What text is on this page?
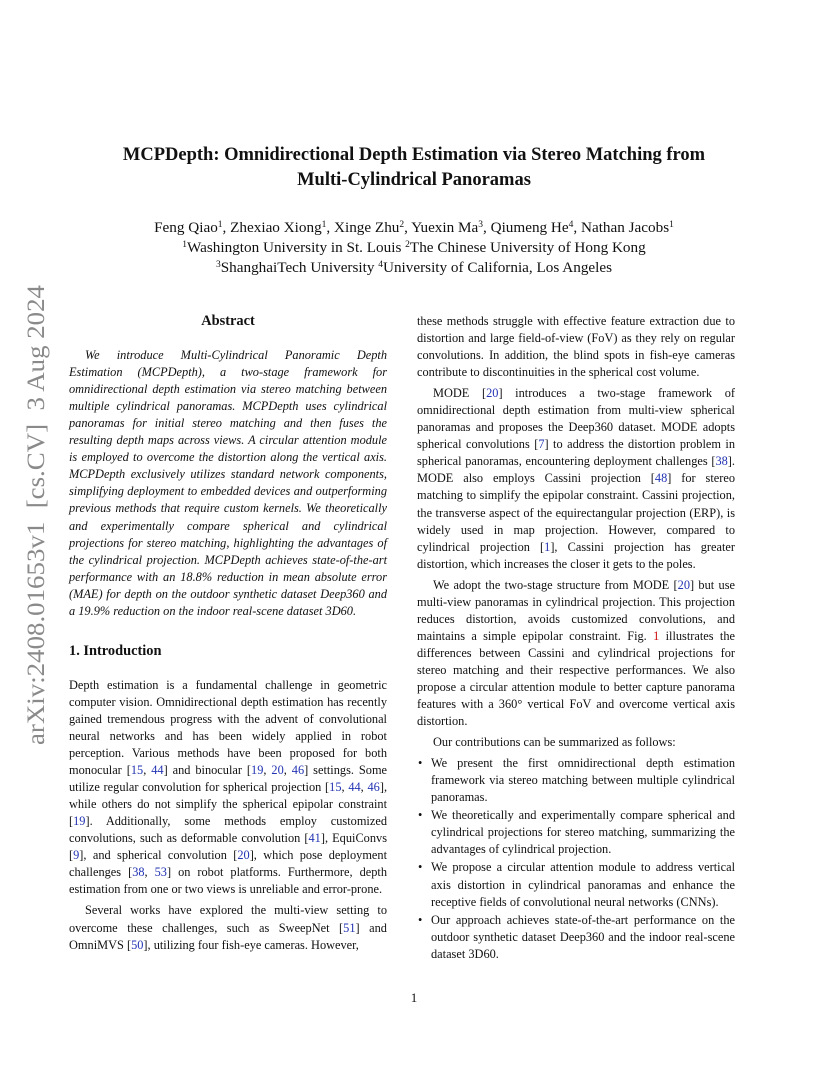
arXiv:2408.01653v1  [cs.CV]  3 Aug 2024

MCPDepth: Omnidirectional Depth Estimation via Stereo Matching from
Multi-Cylindrical Panoramas

Feng Qiao$^1$, Zhexiao Xiong$^1$, Xinge Zhu$^2$, Yuexin Ma$^3$, Qiumeng He$^4$, Nathan Jacobs$^1$
$^1$Washington University in St. Louis $^2$The Chinese University of Hong Kong
$^3$ShanghaiTech University $^4$University of California, Los Angeles
Abstract

We introduce Multi-Cylindrical Panoramic Depth Estimation (MCPDepth), a two-stage framework for omnidirectional depth estimation via stereo matching between multiple cylindrical panoramas. MCPDepth uses cylindrical panoramas for initial stereo matching and then fuses the resulting depth maps across views. A circular attention module is employed to overcome the distortion along the vertical axis. MCPDepth exclusively utilizes standard network components, simplifying deployment to embedded devices and outperforming previous methods that require custom kernels. We theoretically and experimentally compare spherical and cylindrical projections for stereo matching, highlighting the advantages of the cylindrical projection. MCPDepth achieves state-of-the-art performance with an 18.8% reduction in mean absolute error (MAE) for depth on the outdoor synthetic dataset Deep360 and a 19.9% reduction on the indoor real-scene dataset 3D60.

1. Introduction

Depth estimation is a fundamental challenge in geometric computer vision. Omnidirectional depth estimation has recently gained tremendous progress with the advent of convolutional neural networks and has been widely applied in robot perception. Various methods have been proposed for both monocular [15, 44] and binocular [19, 20, 46] settings. Some utilize regular convolution for spherical projection [15, 44, 46], while others do not simplify the spherical epipolar constraint [19]. Additionally, some methods employ customized convolutions, such as deformable convolution [41], EquiConvs [9], and spherical convolution [20], which pose deployment challenges [38, 53] on robot platforms. Furthermore, depth estimation from one or two views is unreliable and error-prone.

Several works have explored the multi-view setting to overcome these challenges, such as SweepNet [51] and OmniMVS [50], utilizing four fish-eye cameras. However,

these methods struggle with effective feature extraction due to distortion and large field-of-view (FoV) as they rely on regular convolutions. In addition, the blind spots in fish-eye cameras contribute to discontinuities in the spherical cost volume.

MODE [20] introduces a two-stage framework of omnidirectional depth estimation from multi-view spherical panoramas and proposes the Deep360 dataset. MODE adopts spherical convolutions [7] to address the distortion problem in spherical panoramas, encountering deployment challenges [38]. MODE also employs Cassini projection [48] for stereo matching to simplify the epipolar constraint. Cassini projection, the transverse aspect of the equirectangular projection (ERP), is widely used in map projection. However, compared to cylindrical projection [1], Cassini projection has greater distortion, which increases the closer it gets to the poles.

We adopt the two-stage structure from MODE [20] but use multi-view panoramas in cylindrical projection. This projection reduces distortion, avoids customized convolutions, and maintains a simple epipolar constraint. Fig. 1 illustrates the differences between Cassini and cylindrical projections for stereo matching and their respective performances. We also propose a circular attention module to better capture panorama features with a 360° vertical FoV and overcome vertical axis distortion.

Our contributions can be summarized as follows:

• We present the first omnidirectional depth estimation framework via stereo matching between multiple cylindrical panoramas.
• We theoretically and experimentally compare spherical and cylindrical projections for stereo matching, summarizing the advantages of cylindrical projection.
• We propose a circular attention module to address vertical axis distortion in cylindrical panoramas and enhance the receptive fields of convolutional neural networks (CNNs).
• Our approach achieves state-of-the-art performance on the outdoor synthetic dataset Deep360 and the indoor real-scene dataset 3D60.
1
